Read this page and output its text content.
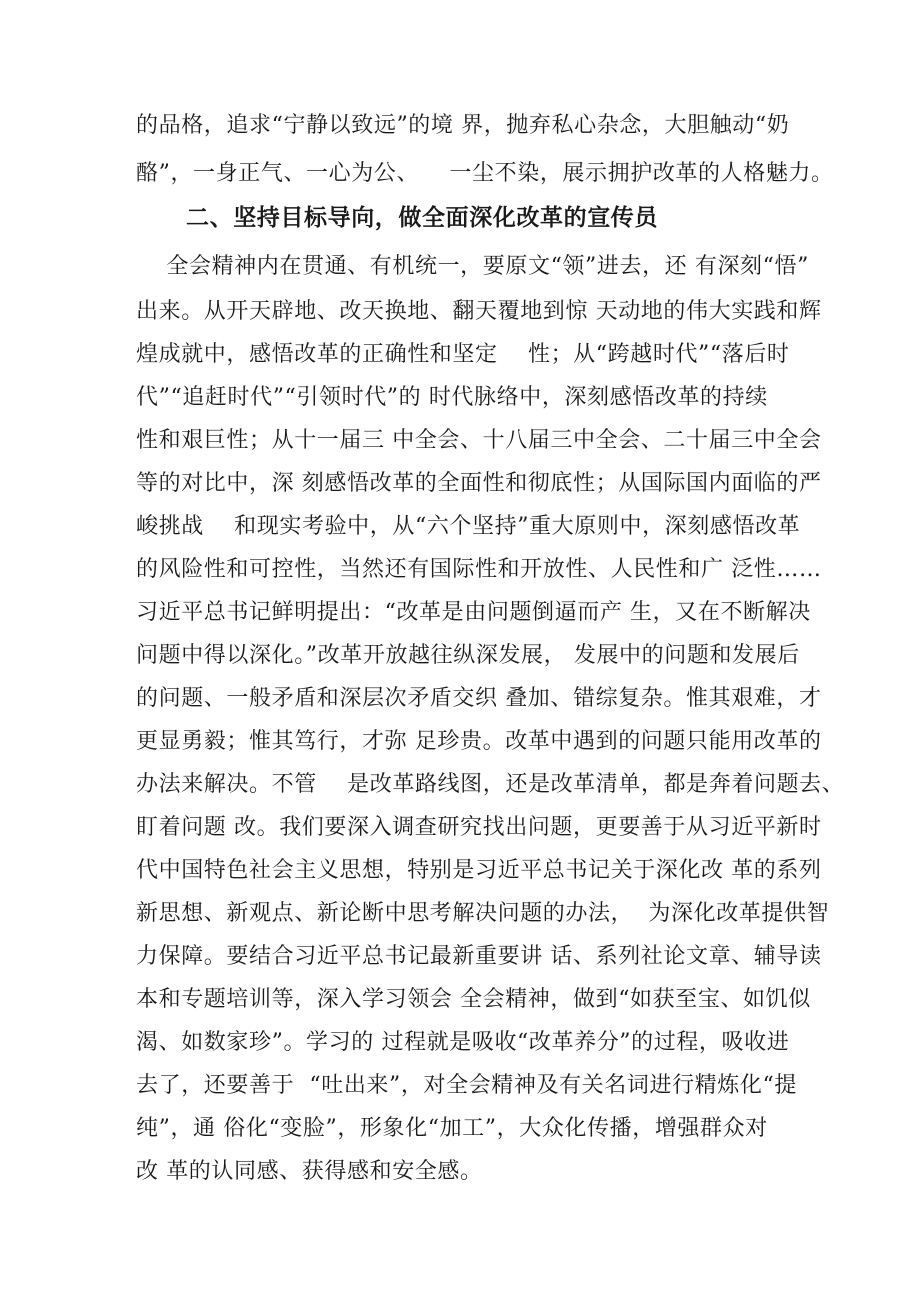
的品格，追求“宁静以致远”的境 界，抛弃私心杂念，大胆触动“奶
酪”，一身正气、一心为公、    一尘不染，展示拥护改革的人格魅力。
二、坚持目标导向，做全面深化改革的宣传员
全会精神内在贯通、有机统一，要原文“领”进去，还 有深刻“悟”
出来。从开天辟地、改天换地、翻天覆地到惊 天动地的伟大实践和辉
煌成就中，感悟改革的正确性和坚定    性；从“跨越时代”“落后时
代”“追赶时代”“引领时代”的 时代脉络中，深刻感悟改革的持续
性和艰巨性；从十一届三 中全会、十八届三中全会、二十届三中全会
等的对比中，深 刻感悟改革的全面性和彻底性；从国际国内面临的严
峻挑战    和现实考验中，从“六个坚持”重大原则中，深刻感悟改革
的风险性和可控性，当然还有国际性和开放性、人民性和广 泛性……
习近平总书记鲜明提出：“改革是由问题倒逼而产 生，又在不断解决
问题中得以深化。”改革开放越往纵深发展， 发展中的问题和发展后
的问题、一般矛盾和深层次矛盾交织 叠加、错综复杂。惟其艰难，才
更显勇毅；惟其笃行，才弥 足珍贵。改革中遇到的问题只能用改革的
办法来解决。不管    是改革路线图，还是改革清单，都是奔着问题去、
盯着问题 改。我们要深入调查研究找出问题，更要善于从习近平新时
代中国特色社会主义思想，特别是习近平总书记关于深化改 革的系列
新思想、新观点、新论断中思考解决问题的办法，  为深化改革提供智
力保障。要结合习近平总书记最新重要讲 话、系列社论文章、辅导读
本和专题培训等，深入学习领会 全会精神，做到“如获至宝、如饥似
渴、如数家珍”。学习的 过程就是吸收“改革养分”的过程，吸收进
去了，还要善于  “吐出来”，对全会精神及有关名词进行精炼化“提
纯”，通 俗化“变脸”，形象化“加工”，大众化传播，增强群众对
改 革的认同感、获得感和安全感。
